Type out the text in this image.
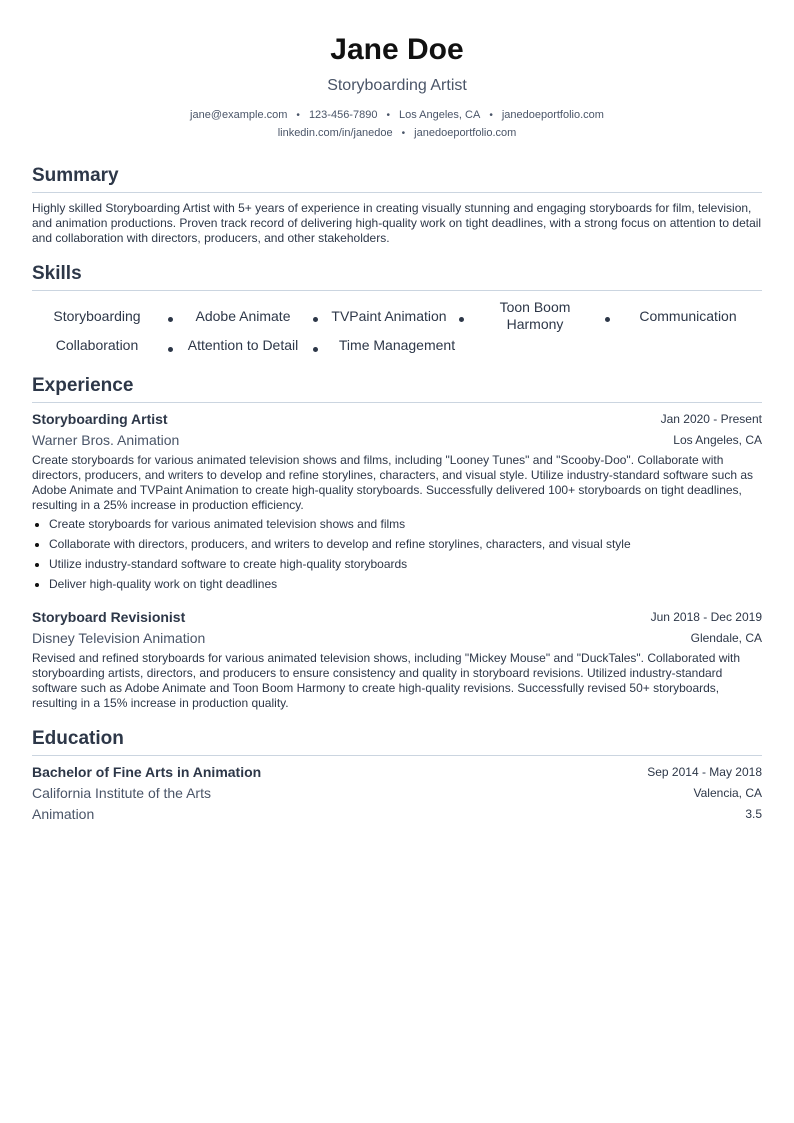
Jane Doe
Storyboarding Artist
jane@example.com • 123-456-7890 • Los Angeles, CA • janedoeportfolio.com
linkedin.com/in/janedoe • janedoeportfolio.com
Summary
Highly skilled Storyboarding Artist with 5+ years of experience in creating visually stunning and engaging storyboards for film, television, and animation productions. Proven track record of delivering high-quality work on tight deadlines, with a strong focus on attention to detail and collaboration with directors, producers, and other stakeholders.
Skills
Storyboarding	Adobe Animate	TVPaint Animation
Toon Boom Harmony	Communication
Collaboration	Attention to Detail	Time Management
Experience
Storyboarding Artist	Jan 2020 - Present
Warner Bros. Animation	Los Angeles, CA
Create storyboards for various animated television shows and films, including "Looney Tunes" and "Scooby-Doo". Collaborate with directors, producers, and writers to develop and refine storylines, characters, and visual style. Utilize industry-standard software such as Adobe Animate and TVPaint Animation to create high-quality storyboards. Successfully delivered 100+ storyboards on tight deadlines, resulting in a 25% increase in production efficiency.
Create storyboards for various animated television shows and films
Collaborate with directors, producers, and writers to develop and refine storylines, characters, and visual style
Utilize industry-standard software to create high-quality storyboards
Deliver high-quality work on tight deadlines
Storyboard Revisionist	Jun 2018 - Dec 2019
Disney Television Animation	Glendale, CA
Revised and refined storyboards for various animated television shows, including "Mickey Mouse" and "DuckTales". Collaborated with storyboarding artists, directors, and producers to ensure consistency and quality in storyboard revisions. Utilized industry-standard software such as Adobe Animate and Toon Boom Harmony to create high-quality revisions. Successfully revised 50+ storyboards, resulting in a 15% increase in production quality.
Education
Bachelor of Fine Arts in Animation	Sep 2014 - May 2018
California Institute of the Arts	Valencia, CA
Animation	3.5
